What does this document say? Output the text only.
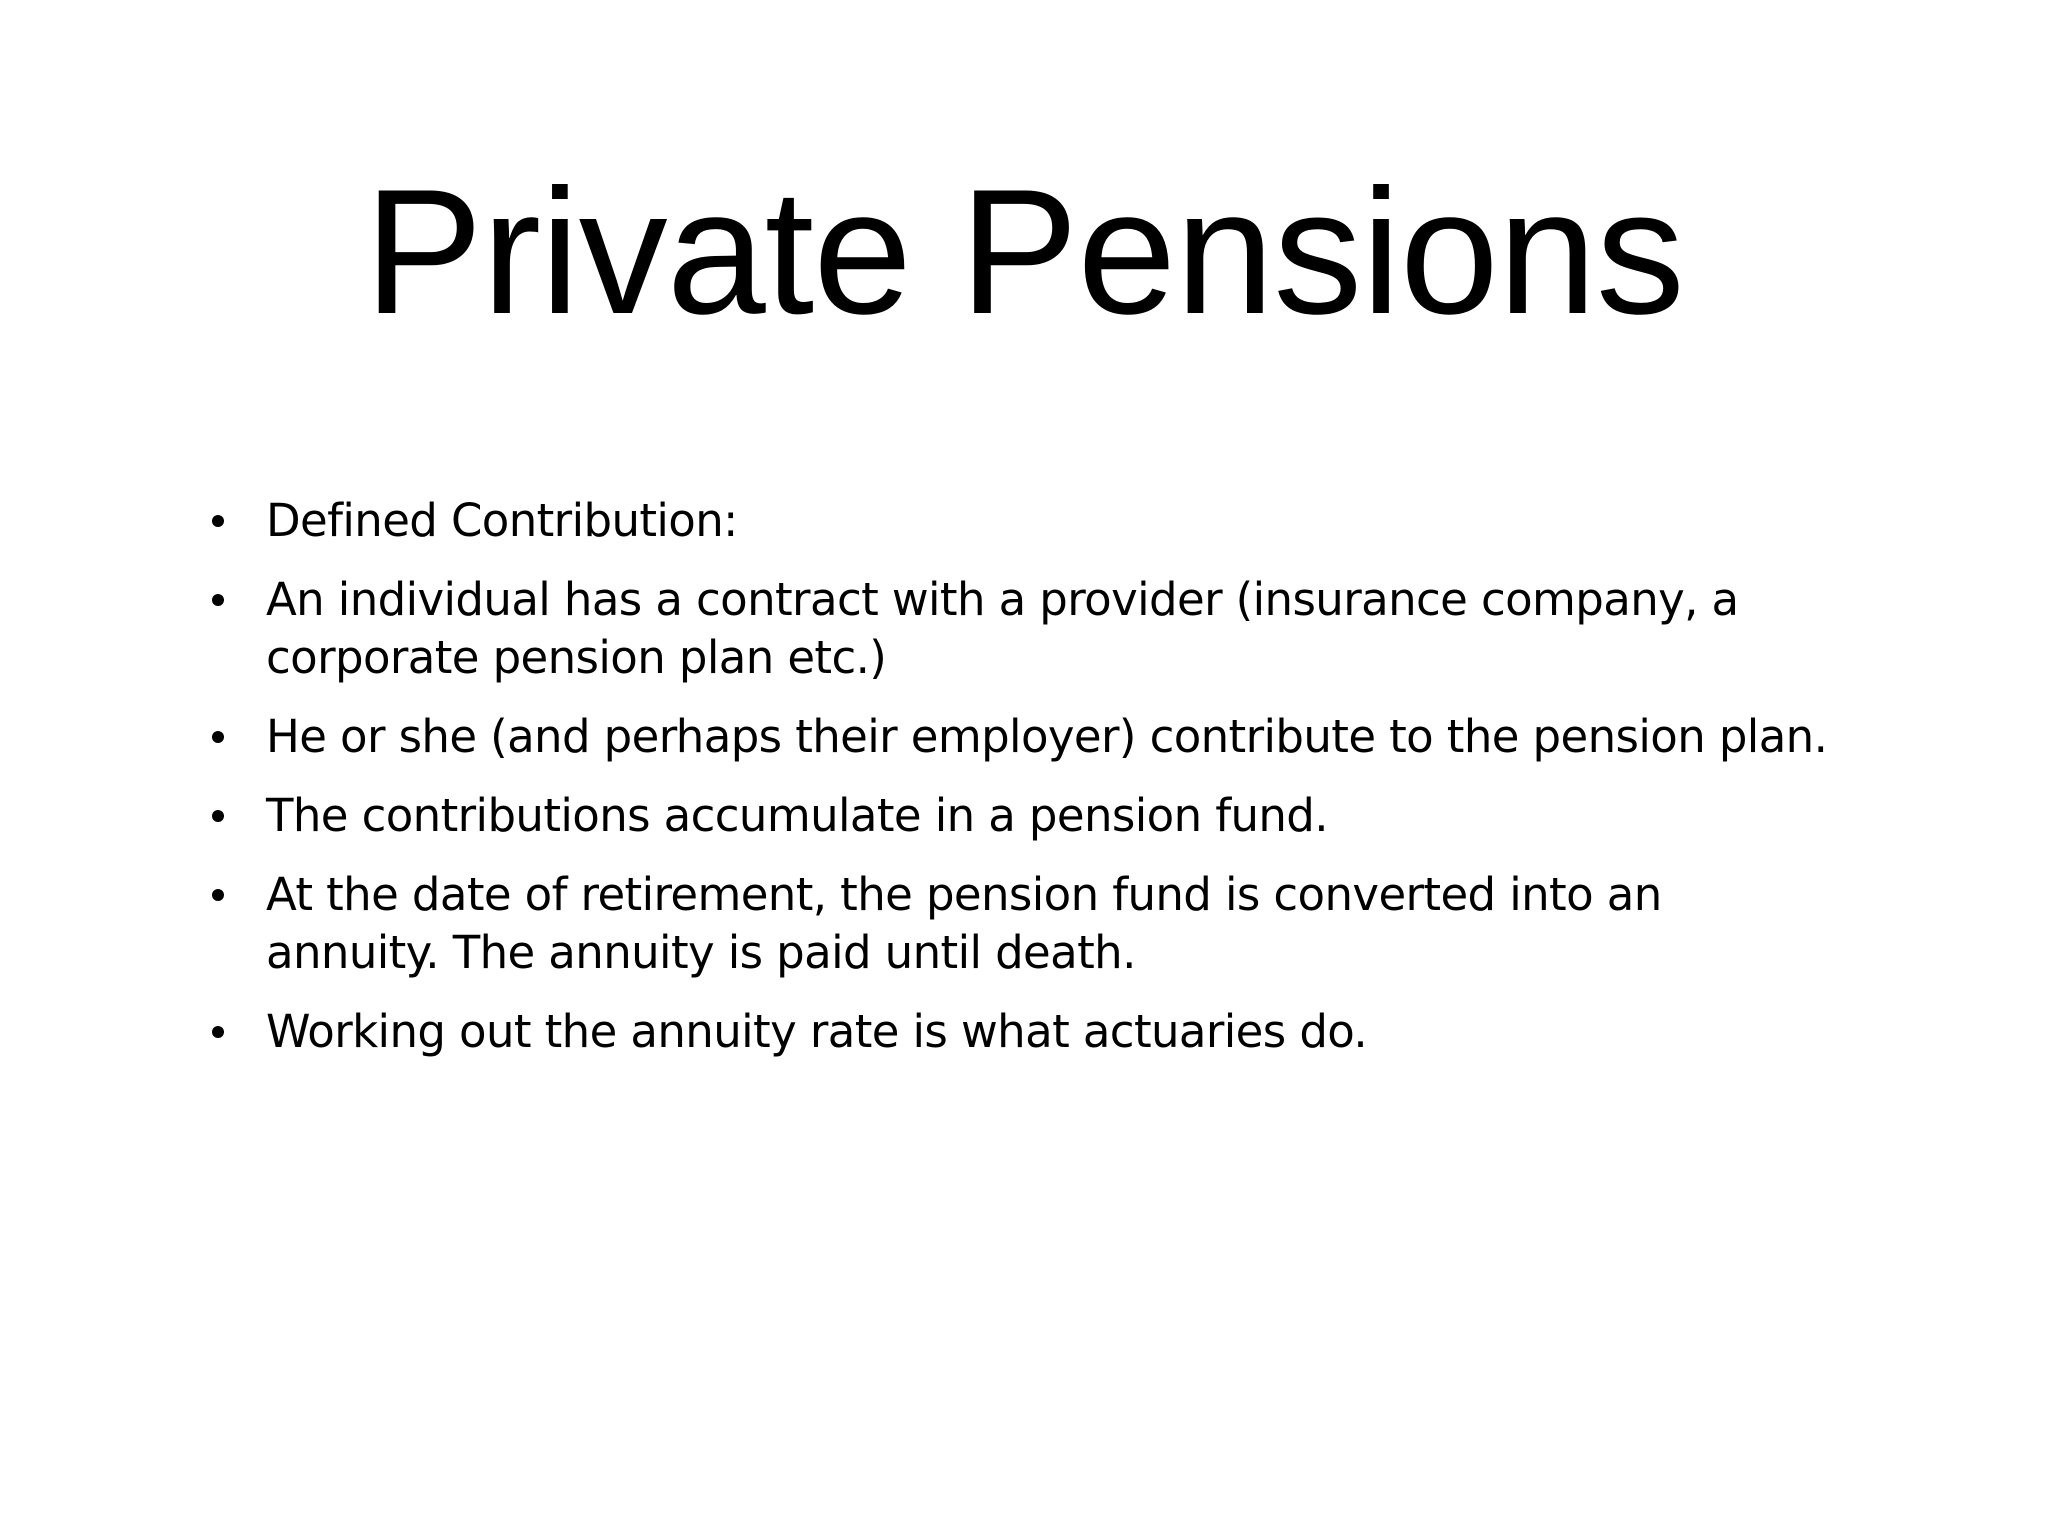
Private Pensions
Defined Contribution:
An individual has a contract with a provider (insurance company, a corporate pension plan etc.)
He or she (and perhaps their employer) contribute to the pension plan.
The contributions accumulate in a pension fund.
At the date of retirement, the pension fund is converted into an annuity. The annuity is paid until death.
Working out the annuity rate is what actuaries do.
